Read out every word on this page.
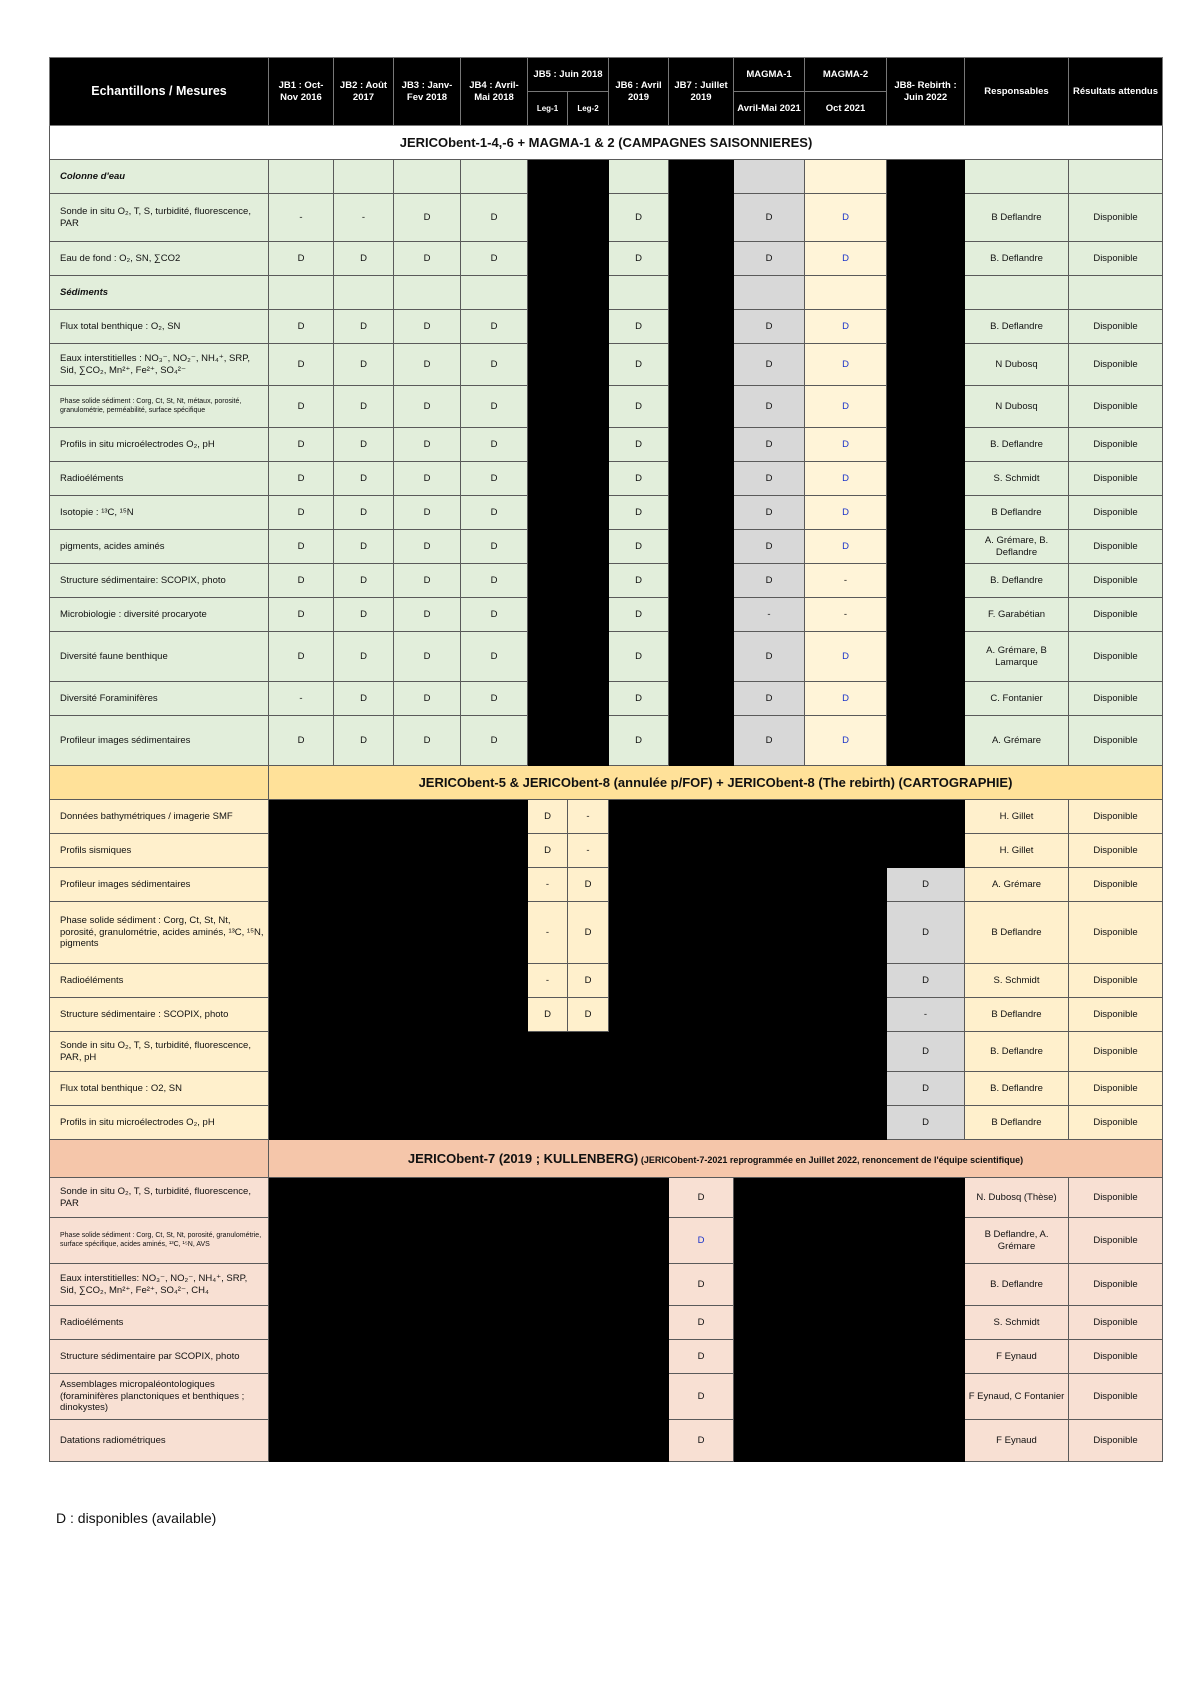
Echantillons / Mesures	JB1 : Oct-Nov 2016	JB2 : Août 2017	JB3 : Janv-Fev 2018	JB4 : Avril-Mai 2018	JB5 : Juin 2018		JB6 : Avril 2019	JB7 : Juillet 2019	MAGMA-1	MAGMA-2	JB8- Rebirth : Juin 2022	Responsables	Résultats attendus
					Leg-1	Leg-2			Avril-Mai 2021	Oct 2021			
JERICObent-1-4,-6 + MAGMA-1 & 2 (CAMPAGNES SAISONNIERES)													
Colonne d'eau													
Sonde in situ O₂, T, S, turbidité, fluorescence, PAR	-	-	D	D			D		D	D		B Deflandre	Disponible
Eau de fond : O₂, SN, ∑CO2	D	D	D	D			D		D	D		B. Deflandre	Disponible
Sédiments													
Flux total benthique : O₂, SN	D	D	D	D			D		D	D		B. Deflandre	Disponible
Eaux interstitielles : NO₃⁻, NO₂⁻, NH₄⁺, SRP, Sid, ∑CO₂, Mn²⁺, Fe²⁺, SO₄²⁻	D	D	D	D			D		D	D		N Dubosq	Disponible
Phase solide sédiment : Corg, Ct, St, Nt, métaux, porosité, granulométrie, perméabilité, surface spécifique	D	D	D	D			D		D	D		N Dubosq	Disponible
Profils in situ microélectrodes O₂, pH	D	D	D	D			D		D	D		B. Deflandre	Disponible
Radioéléments	D	D	D	D			D		D	D		S. Schmidt	Disponible
Isotopie : ¹³C, ¹⁵N	D	D	D	D			D		D	D		B Deflandre	Disponible
pigments, acides aminés	D	D	D	D			D		D	D		A. Grémare, B. Deflandre	Disponible
Structure sédimentaire: SCOPIX, photo	D	D	D	D			D		D	-		B. Deflandre	Disponible
Microbiologie : diversité procaryote	D	D	D	D			D		-	-		F. Garabétian	Disponible
Diversité faune benthique	D	D	D	D			D		D	D		A. Grémare, B Lamarque	Disponible
Diversité Foraminifères	-	D	D	D			D		D	D		C. Fontanier	Disponible
Profileur images sédimentaires	D	D	D	D			D		D	D		A. Grémare	Disponible
	JERICObent-5 & JERICObent-8 (annulée p/FOF) + JERICObent-8 (The rebirth) (CARTOGRAPHIE)												
Données bathymétriques / imagerie SMF					D	-						H. Gillet	Disponible
Profils sismiques					D	-						H. Gillet	Disponible
Profileur images sédimentaires					-	D					D	A. Grémare	Disponible
Phase solide sédiment : Corg, Ct, St, Nt, porosité, granulométrie, acides aminés, ¹³C, ¹⁵N, pigments					-	D					D	B Deflandre	Disponible
Radioéléments					-	D					D	S. Schmidt	Disponible
Structure sédimentaire : SCOPIX, photo					D	D					-	B Deflandre	Disponible
Sonde in situ O₂, T, S, turbidité, fluorescence, PAR, pH											D	B. Deflandre	Disponible
Flux total benthique : O2, SN											D	B. Deflandre	Disponible
Profils in situ microélectrodes O₂, pH											D	B Deflandre	Disponible
	JERICObent-7 (2019 ; KULLENBERG) (JERICObent-7-2021 reprogrammée en Juillet 2022, renoncement de l'équipe scientifique)												
Sonde in situ O₂, T, S, turbidité, fluorescence, PAR								D				N. Dubosq (Thèse)	Disponible
Phase solide sédiment : Corg, Ct, St, Nt, porosité, granulométrie, surface spécifique, acides aminés, ¹³C, ¹⁵N, AVS								D				B Deflandre, A. Grémare	Disponible
Eaux interstitielles: NO₃⁻, NO₂⁻, NH₄⁺, SRP, Sid, ∑CO₂, Mn²⁺, Fe²⁺, SO₄²⁻, CH₄								D				B. Deflandre	Disponible
Radioéléments								D				S. Schmidt	Disponible
Structure sédimentaire par SCOPIX, photo								D				F Eynaud	Disponible
Assemblages micropaléontologiques (foraminifères planctoniques et benthiques ; dinokystes)								D				F Eynaud, C Fontanier	Disponible
Datations radiométriques								D				F Eynaud	Disponible
D : disponibles (available)
